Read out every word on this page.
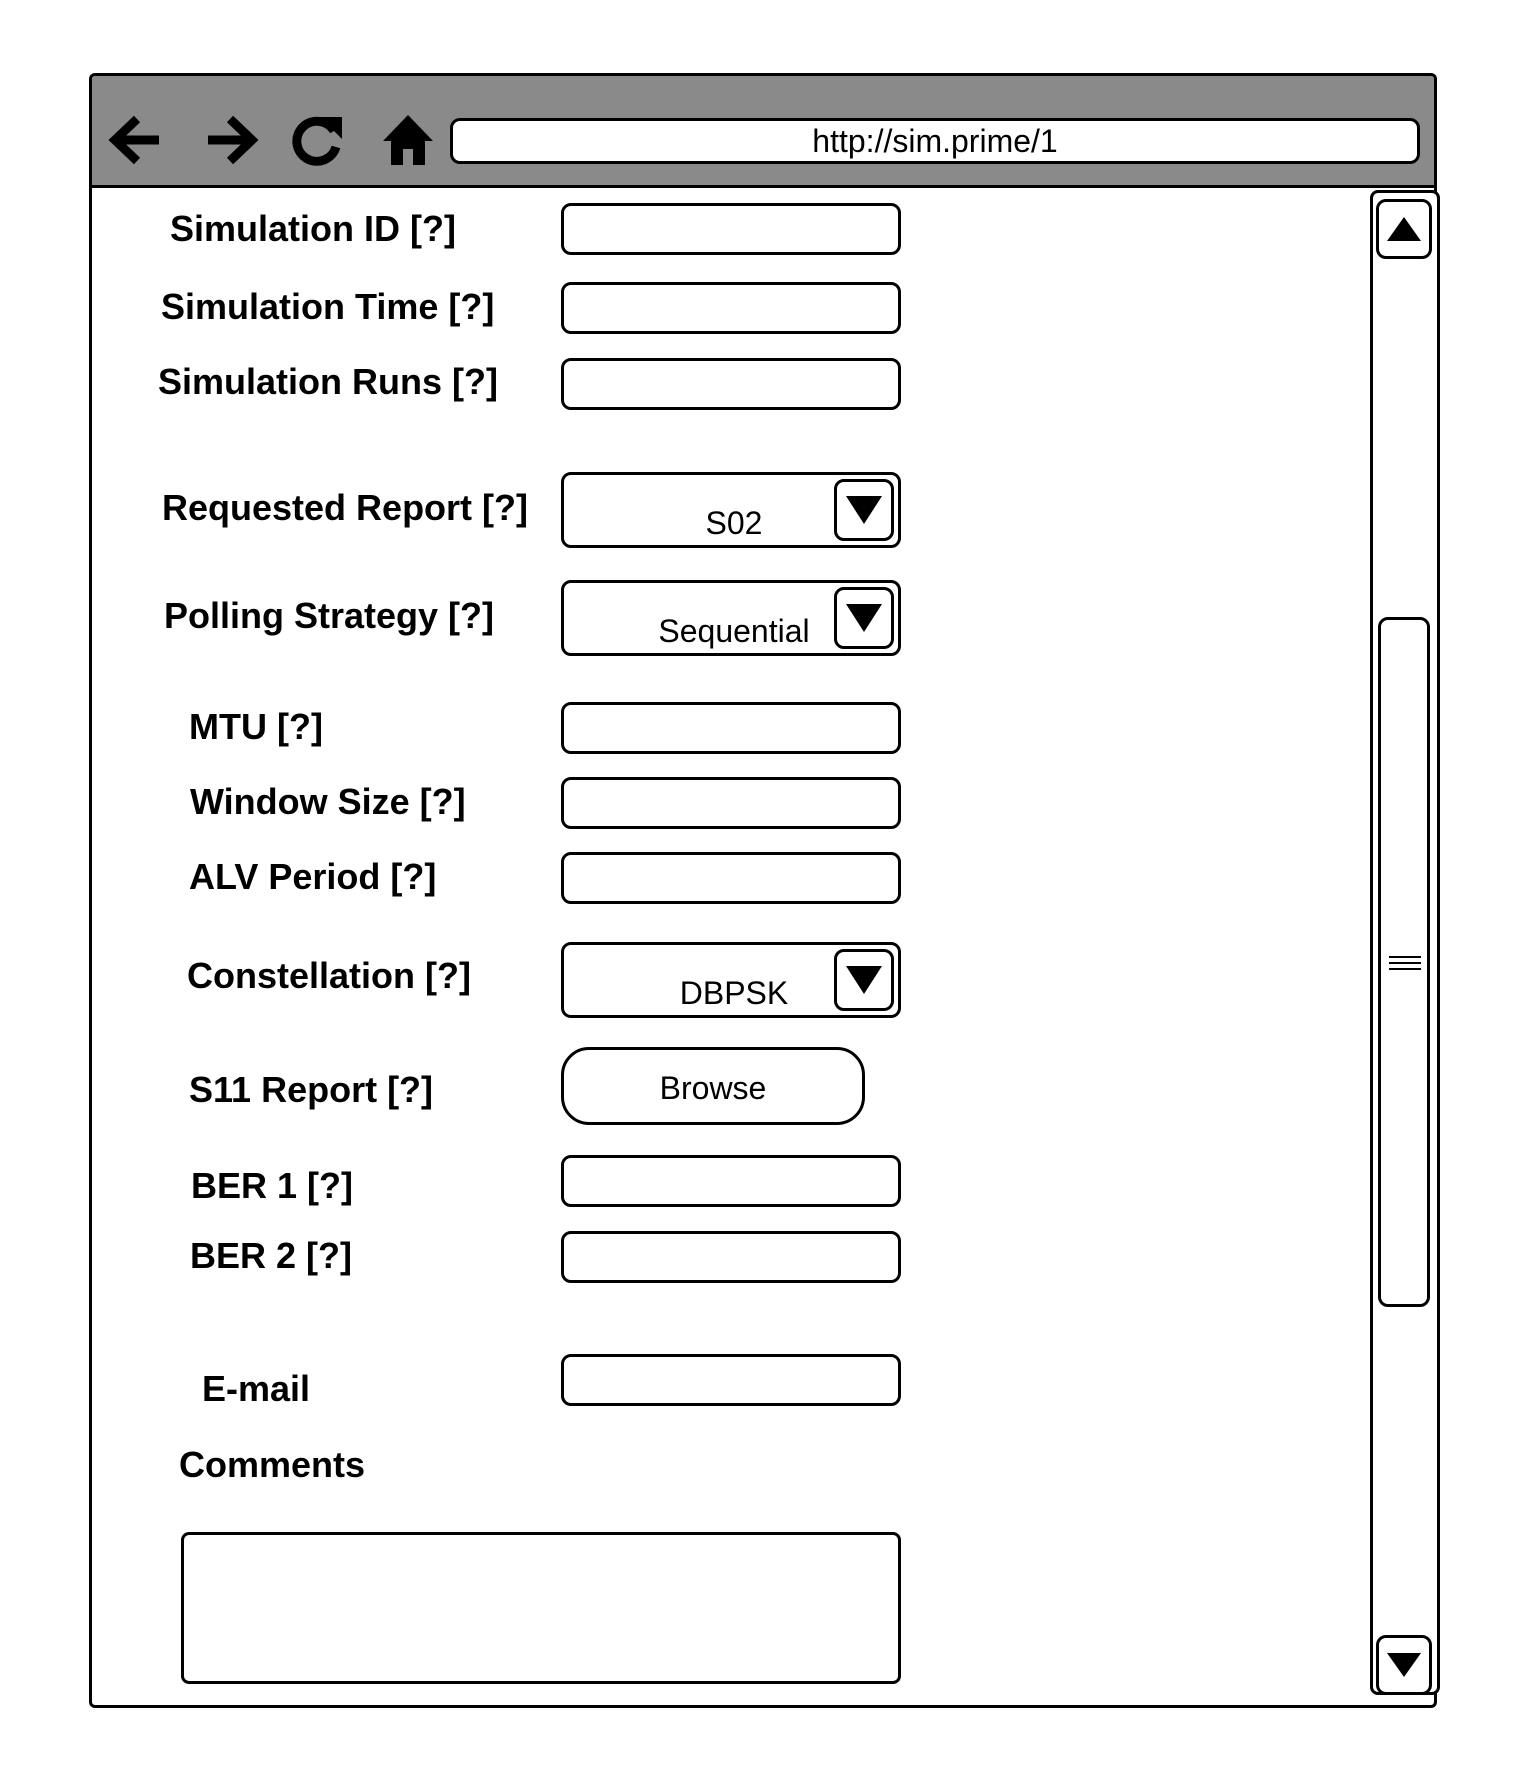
http://sim.prime/1
Simulation ID [?]
Simulation Time [?]
Simulation Runs [?]
Requested Report [?]	S02
Polling Strategy [?]	Sequential
MTU [?]
Window Size [?]
ALV Period [?]
Constellation [?]	DBPSK
S11 Report [?]	Browse
BER 1 [?]
BER 2 [?]
E-mail
Comments
